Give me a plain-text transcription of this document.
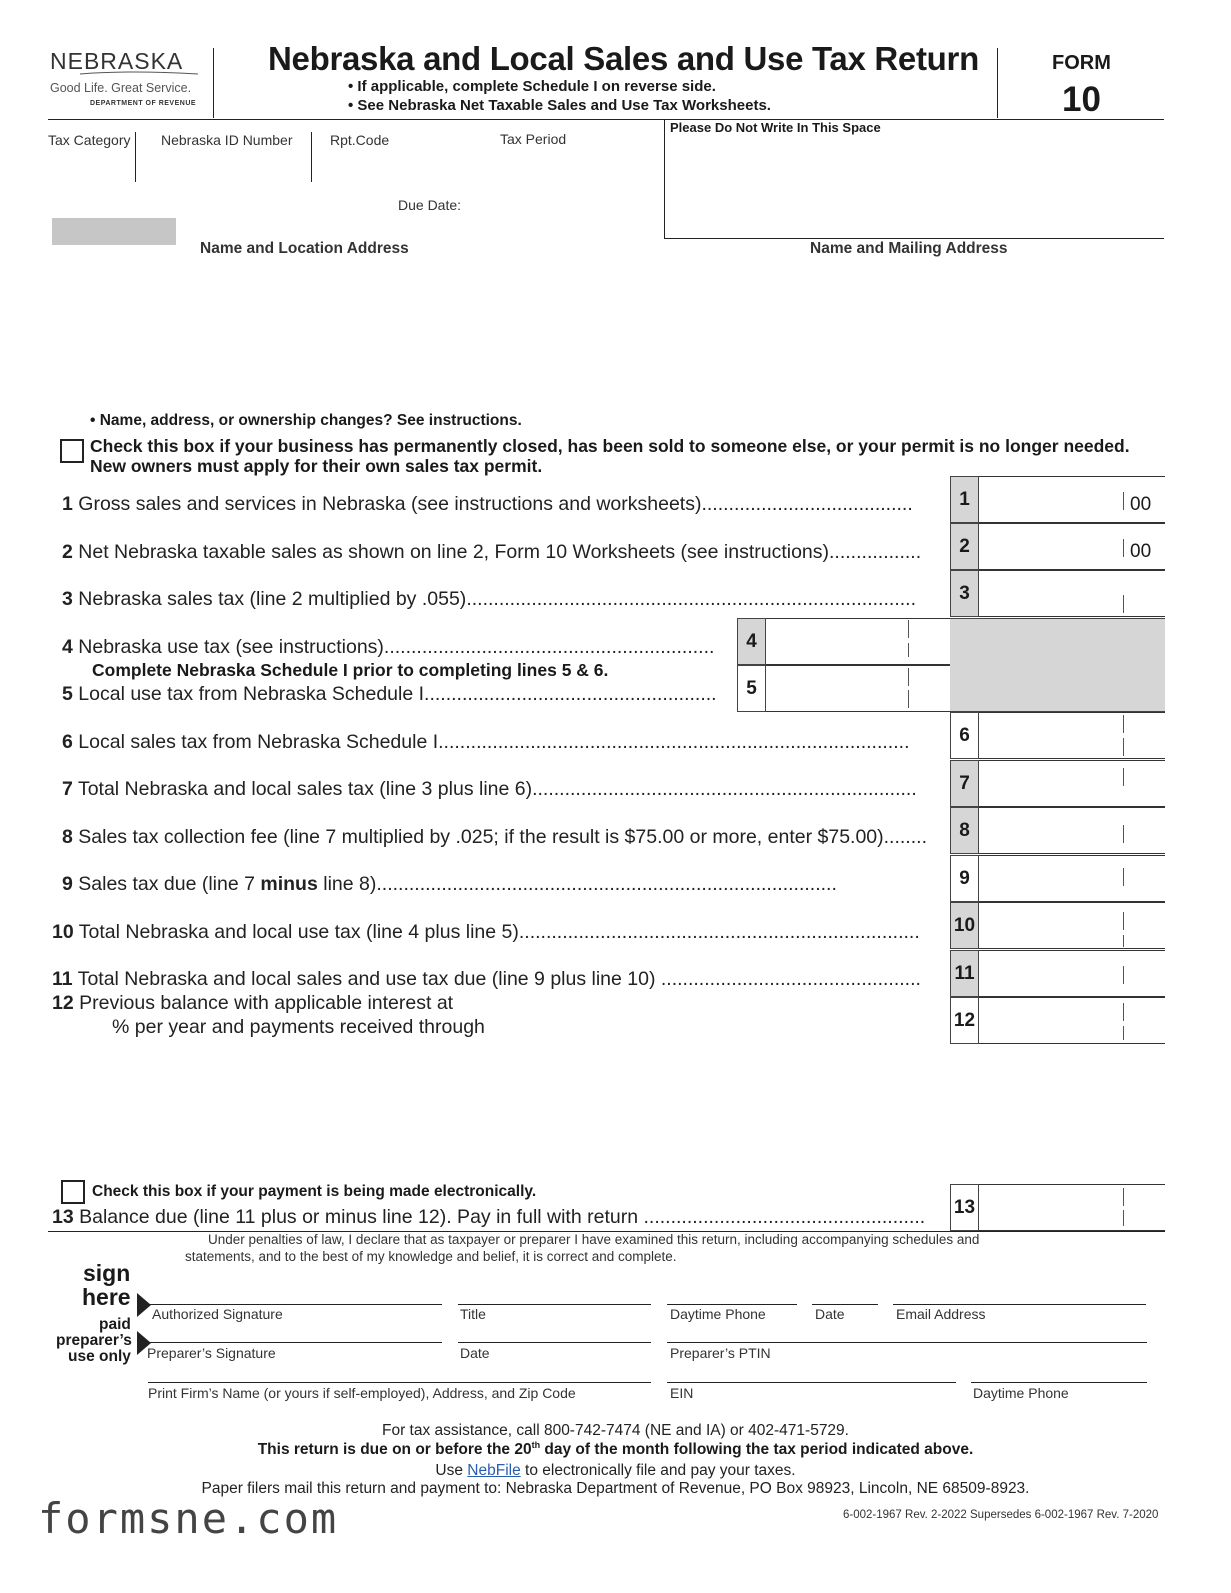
NEBRASKA
Good Life. Great Service.
DEPARTMENT OF REVENUE
Nebraska and Local Sales and Use Tax Return
• If applicable, complete Schedule I on reverse side.
• See Nebraska Net Taxable Sales and Use Tax Worksheets.
FORM
10
Tax Category Nebraska ID Number	Rpt.Code	Tax Period
Due Date:
Please Do Not Write In This Space
Name and Location Address	Name and Mailing Address
• Name, address, or ownership changes? See instructions.
Check this box if your business has permanently closed, has been sold to someone else, or your permit is no longer needed.
New owners must apply for their own sales tax permit.
1 Gross sales and services in Nebraska (see instructions and worksheets).......................................	1	00
2 Net Nebraska taxable sales as shown on line 2, Form 10 Worksheets (see instructions).................	2	00
3 Nebraska sales tax (line 2 multiplied by .055)...................................................................................	3
4 Nebraska use tax (see instructions).............................................................	4
Complete Nebraska Schedule I prior to completing lines 5 & 6.
5 Local use tax from Nebraska Schedule I......................................................	5
6 Local sales tax from Nebraska Schedule I.......................................................................................	6
7 Total Nebraska and local sales tax (line 3 plus line 6).......................................................................	7
8 Sales tax collection fee (line 7 multiplied by .025; if the result is $75.00 or more, enter $75.00)........	8
9 Sales tax due (line 7 minus line 8).....................................................................................	9
10 Total Nebraska and local use tax (line 4 plus line 5).......................................................................... 10
11 Total Nebraska and local sales and use tax due (line 9 plus line 10) ................................................ 11
12 Previous balance with applicable interest at
% per year and payments received through	12
Check this box if your payment is being made electronically.
13 Balance due (line 11 plus or minus line 12). Pay in full with return .................................................... 13
Under penalties of law, I declare that as taxpayer or preparer I have examined this return, including accompanying schedules and
statements, and to the best of my knowledge and belief, it is correct and complete.
sign
here
Authorized Signature	Title	Daytime Phone	Date	Email Address
paid
preparer’s
use only Preparer’s Signature	Date	Preparer’s PTIN
Print Firm’s Name (or yours if self-employed), Address, and Zip Code	EIN	Daytime Phone
For tax assistance, call 800-742-7474 (NE and IA) or 402-471-5729.
This return is due on or before the 20th day of the month following the tax period indicated above.
Use NebFile to electronically file and pay your taxes.
Paper filers mail this return and payment to: Nebraska Department of Revenue, PO Box 98923, Lincoln, NE 68509-8923.
formsne.com	6-002-1967 Rev. 2-2022 Supersedes 6-002-1967 Rev. 7-2020
